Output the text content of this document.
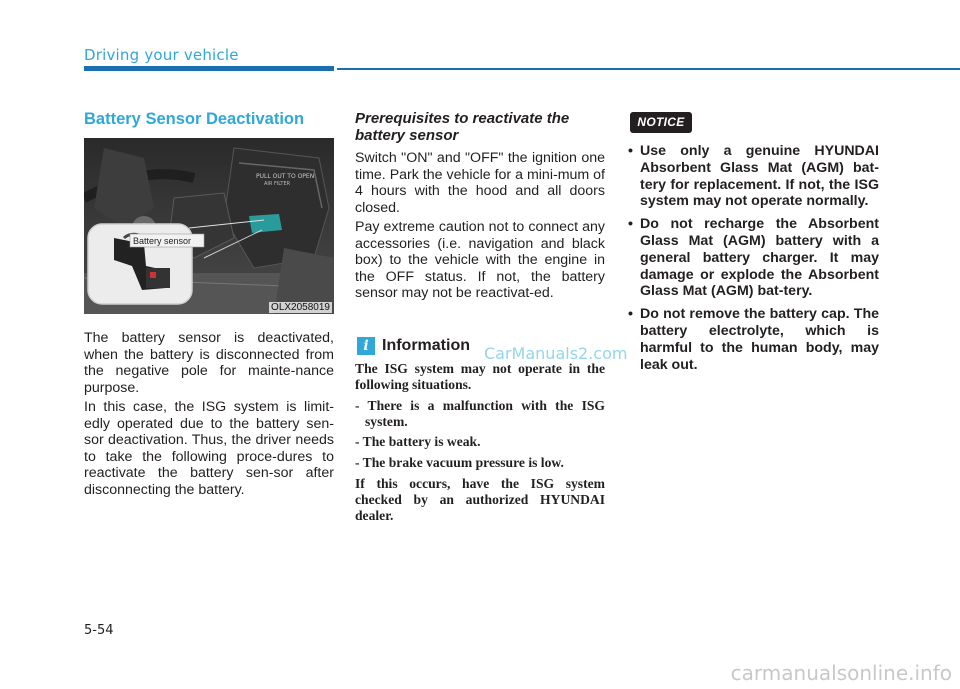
Driving your vehicle
Battery Sensor Deactivation
PULL OUT TO OPEN
AIR FILTER
Battery sensor
OLX2058019

The battery sensor is deactivated, when the battery is disconnected from the negative pole for mainte-nance purpose.

In this case, the ISG system is limit-edly operated due to the battery sen-sor deactivation. Thus, the driver needs to take the following proce-dures to reactivate the battery sen-sor after disconnecting the battery.

Prerequisites to reactivate the battery sensor

Switch "ON" and "OFF" the ignition one time. Park the vehicle for a mini-mum of 4 hours with the hood and all doors closed.

Pay extreme caution not to connect any accessories (i.e. navigation and black box) to the vehicle with the engine in the OFF status. If not, the battery sensor may not be reactivat-ed.

i Information

The ISG system may not operate in the following situations.

- There is a malfunction with the ISG system.

- The battery is weak.

- The brake vacuum pressure is low.

If this occurs, have the ISG system checked by an authorized HYUNDAI dealer.

CarManuals2.com
NOTICE
• Use only a genuine HYUNDAI Absorbent Glass Mat (AGM) bat-tery for replacement. If not, the ISG system may not operate normally.
• Do not recharge the Absorbent Glass Mat (AGM) battery with a general battery charger. It may damage or explode the Absorbent Glass Mat (AGM) bat-tery.
• Do not remove the battery cap. The battery electrolyte, which is harmful to the human body, may leak out.
5-54
carmanualsonline.info
